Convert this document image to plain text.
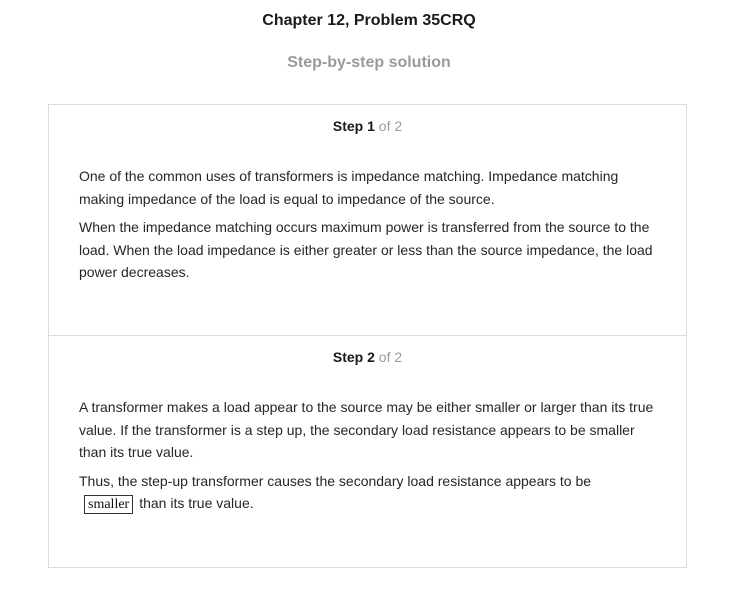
Chapter 12, Problem 35CRQ
Step-by-step solution
Step 1 of 2

One of the common uses of transformers is impedance matching. Impedance matching making impedance of the load is equal to impedance of the source.

When the impedance matching occurs maximum power is transferred from the source to the load. When the load impedance is either greater or less than the source impedance, the load power decreases.

Step 2 of 2

A transformer makes a load appear to the source may be either smaller or larger than its true value. If the transformer is a step up, the secondary load resistance appears to be smaller than its true value.

Thus, the step-up transformer causes the secondary load resistance appears to be
smaller than its true value.
